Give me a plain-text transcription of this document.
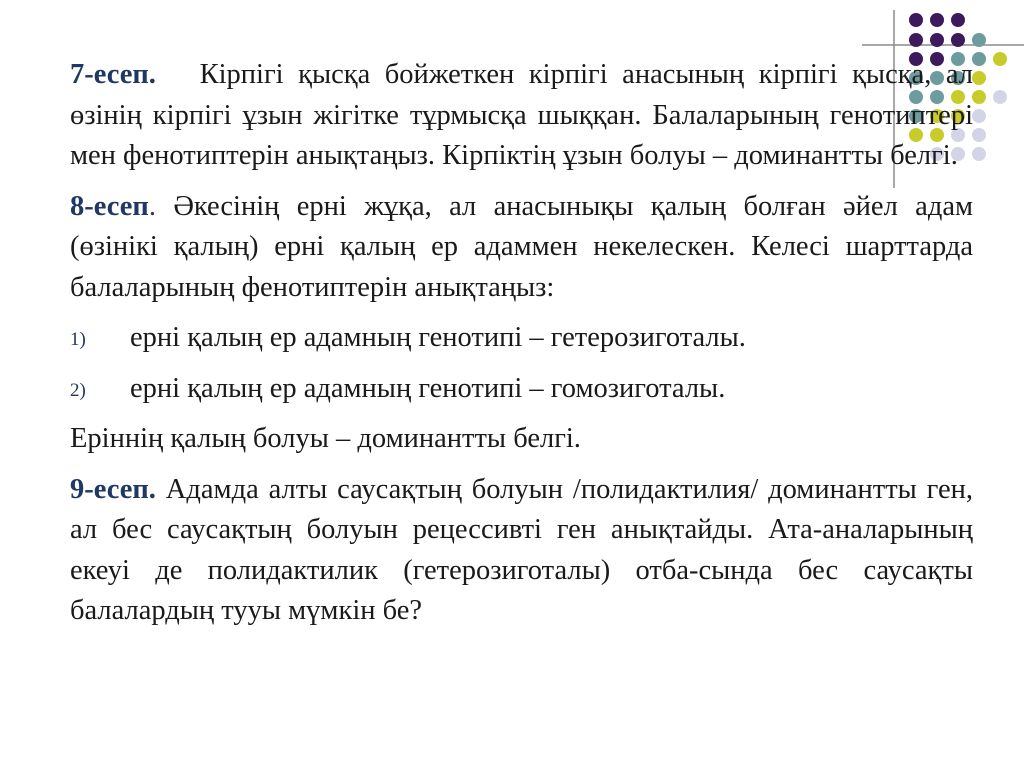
7-есеп. Кірпігі қысқа бойжеткен кірпігі анасының кірпігі қысқа, ал өзінің кірпігі ұзын жігітке тұрмысқа шыққан. Балаларының генотиптері мен фенотиптерін анықтаңыз. Кірпіктің ұзын болуы – доминантты белгі.

8-есеп. Әкесінің ерні жұқа, ал анасынықы қалың болған әйел адам (өзінікі қалың) ерні қалың ер адаммен некелескен. Келесі шарттарда балаларының фенотиптерін анықтаңыз:

1) ерні қалың ер адамның генотипі – гетерозиготалы.
2) ерні қалың ер адамның генотипі – гомозиготалы.

Еріннің қалың болуы – доминантты белгі.

9-есеп. Адамда алты саусақтың болуын /полидактилия/ доминантты ген, ал бес саусақтың болуын рецессивті ген анықтайды. Ата-аналарының екеуі де полидактилик (гетерозиготалы) отба-сында бес саусақты балалардың тууы мүмкін бе?
